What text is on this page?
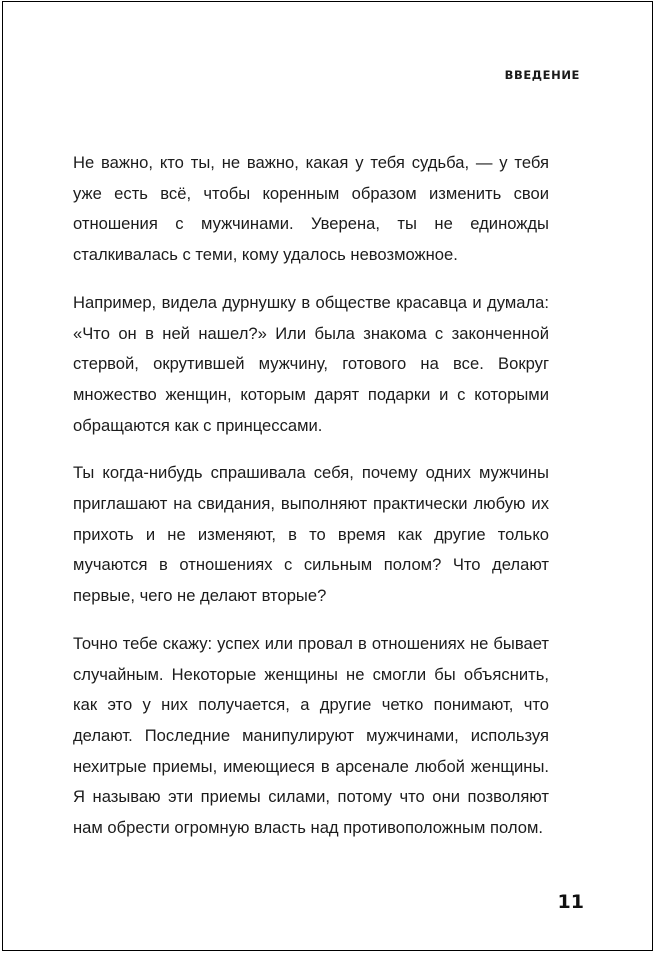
ВВЕДЕНИЕ

Не важно, кто ты, не важно, какая у тебя судьба, — у тебя уже есть всё, чтобы коренным образом изменить свои отношения с мужчинами. Уверена, ты не единожды сталкивалась с теми, кому удалось невозможное.

Например, видела дурнушку в обществе красавца и думала: «Что он в ней нашел?» Или была знакома с законченной стервой, окрутившей мужчину, готового на все. Вокруг множество женщин, которым дарят подарки и с которыми обращаются как с принцессами.

Ты когда-нибудь спрашивала себя, почему одних мужчины приглашают на свидания, выполняют практически любую их прихоть и не изменяют, в то время как другие только мучаются в отношениях с сильным полом? Что делают первые, чего не делают вторые?

Точно тебе скажу: успех или провал в отношениях не бывает случайным. Некоторые женщины не смогли бы объяснить, как это у них получается, а другие четко понимают, что делают. Последние манипулируют мужчинами, используя нехитрые приемы, имеющиеся в арсенале любой женщины. Я называю эти приемы силами, потому что они позволяют нам обрести огромную власть над противоположным полом.

11
